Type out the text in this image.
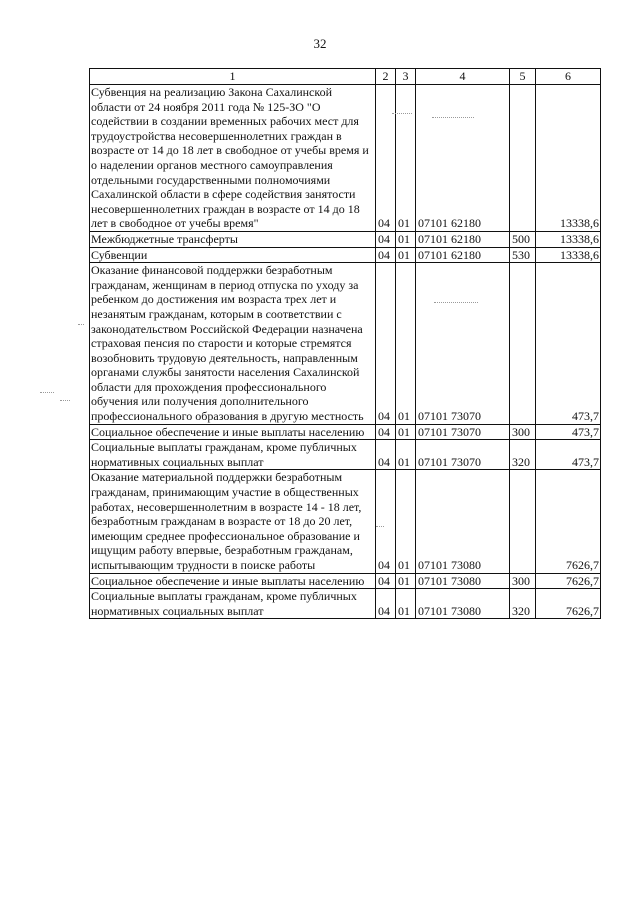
32
1	2	3	4	5	6
Субвенция на реализацию Закона Сахалинской области от 24 ноября 2011 года № 125-ЗО "О содействии в создании временных рабочих мест для трудоустройства несовершеннолетних граждан в возрасте от 14 до 18 лет в свободное от учебы время и о наделении органов местного самоуправления отдельными государственными полномочиями Сахалинской области в сфере содействия занятости несовершеннолетних граждан в возрасте от 14 до 18 лет в свободное от учебы время"	04	01	07101 62180		13338,6
Межбюджетные трансферты	04	01	07101 62180	500	13338,6
Субвенции	04	01	07101 62180	530	13338,6
Оказание финансовой поддержки безработным гражданам, женщинам в период отпуска по уходу за ребенком до достижения им возраста трех лет и незанятым гражданам, которым в соответствии с законодательством Российской Федерации назначена страховая пенсия по старости и которые стремятся возобновить трудовую деятельность, направленным органами службы занятости населения Сахалинской области для прохождения профессионального обучения или получения дополнительного профессионального образования в другую местность	04	01	07101 73070		473,7
Социальное обеспечение и иные выплаты населению	04	01	07101 73070	300	473,7
Социальные выплаты гражданам, кроме публичных нормативных социальных выплат	04	01	07101 73070	320	473,7
Оказание материальной поддержки безработным гражданам, принимающим участие в общественных работах, несовершеннолетним в возрасте 14 - 18 лет, безработным гражданам в возрасте от 18 до 20 лет, имеющим среднее профессиональное образование и ищущим работу впервые, безработным гражданам, испытывающим трудности в поиске работы	04	01	07101 73080		7626,7
Социальное обеспечение и иные выплаты населению	04	01	07101 73080	300	7626,7
Социальные выплаты гражданам, кроме публичных нормативных социальных выплат	04	01	07101 73080	320	7626,7
